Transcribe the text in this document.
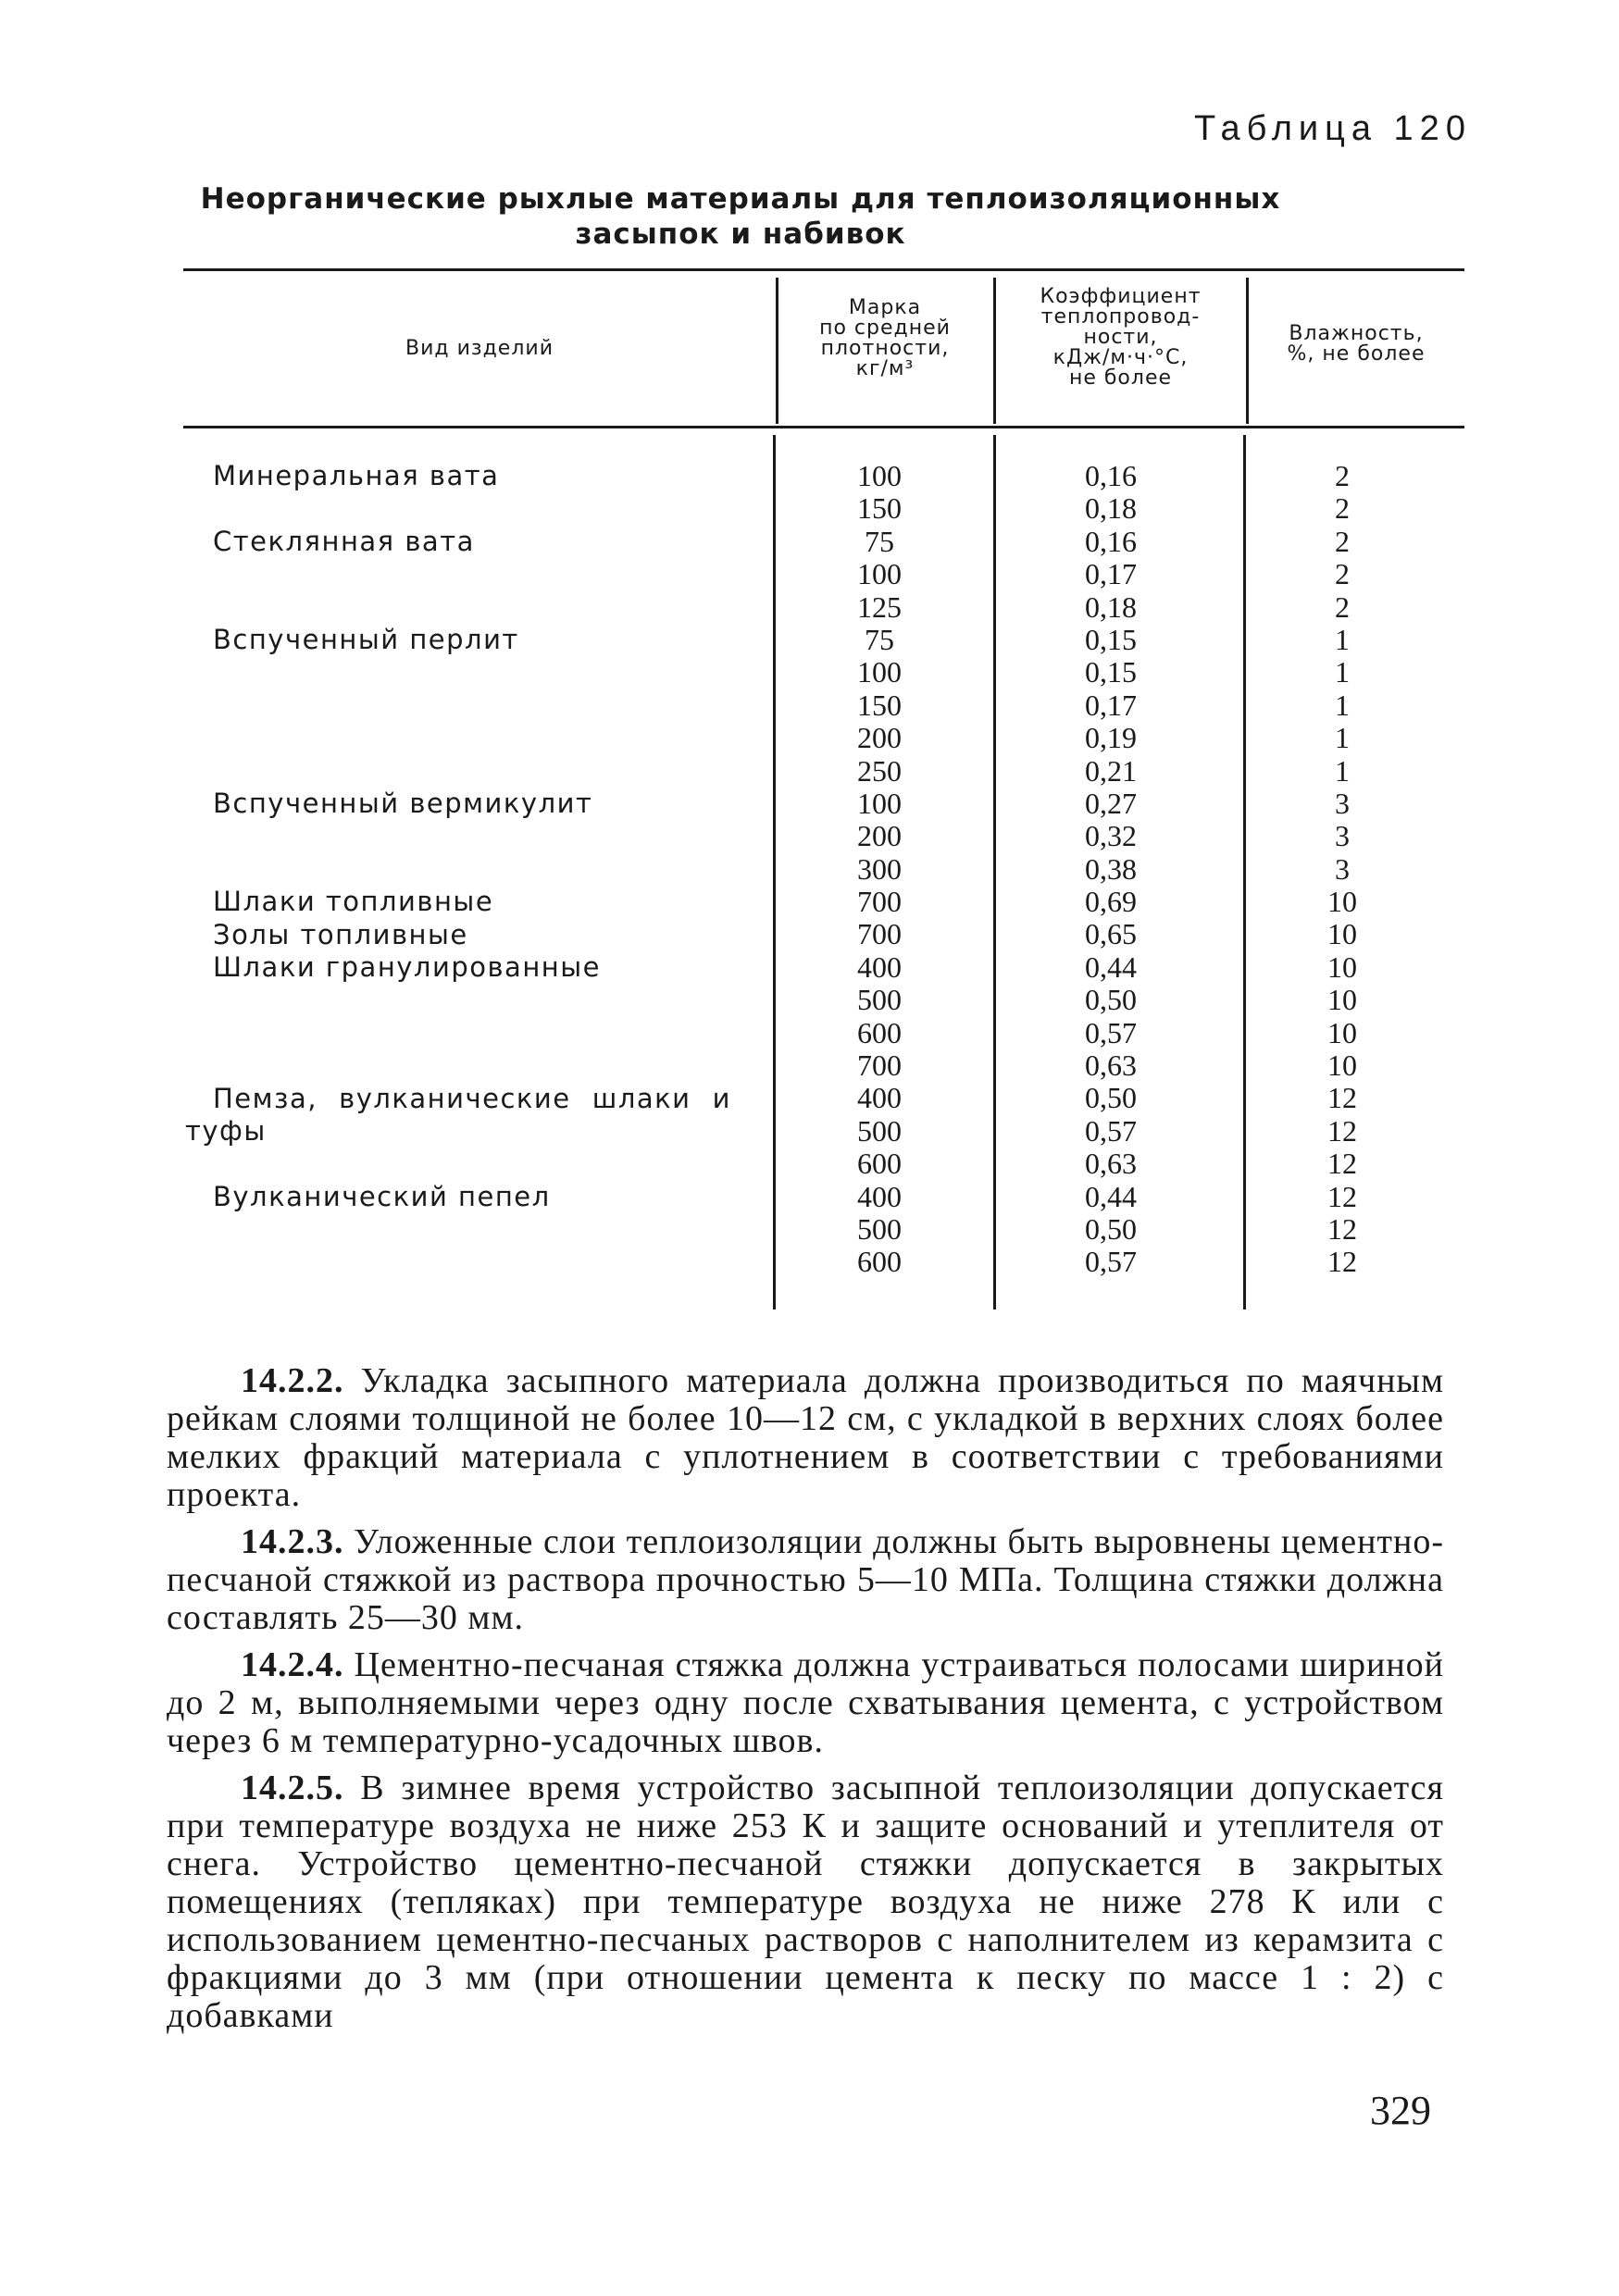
Таблица 120
Неорганические рыхлые материалы для теплоизоляционных засыпок и набивок
Вид изделий
Марка
по средней
плотности,
кг/м³
Коэффициент
теплопровод-
ности,
кДж/м·ч·°С,
не более
Влажность,
%, не более
Минеральная вата
Стеклянная вата
Вспученный перлит
Вспученный вермикулит
Шлаки топливные
Золы топливные
Шлаки гранулированные
Пемза, вулканические шлаки и туфы
Вулканический пепел
100
150
75
100
125
75
100
150
200
250
100
200
300
700
700
400
500
600
700
400
500
600
400
500
600
0,16
0,18
0,16
0,17
0,18
0,15
0,15
0,17
0,19
0,21
0,27
0,32
0,38
0,69
0,65
0,44
0,50
0,57
0,63
0,50
0,57
0,63
0,44
0,50
0,57
2
2
2
2
2
1
1
1
1
1
3
3
3
10
10
10
10
10
10
12
12
12
12
12
12

14.2.2. Укладка засыпного материала должна производиться по маячным рейкам слоями толщиной не более 10—12 см, с укладкой в верхних слоях более мелких фракций материала с уплотнением в соответствии с требованиями проекта.

14.2.3. Уложенные слои теплоизоляции должны быть выровнены цементно-песчаной стяжкой из раствора прочностью 5—10 МПа. Толщина стяжки должна составлять 25—30 мм.

14.2.4. Цементно-песчаная стяжка должна устраиваться полосами шириной до 2 м, выполняемыми через одну после схватывания цемента, с устройством через 6 м температурно-усадочных швов.

14.2.5. В зимнее время устройство засыпной теплоизоляции допускается при температуре воздуха не ниже 253 К и защите оснований и утеплителя от снега. Устройство цементно-песчаной стяжки допускается в закрытых помещениях (тепляках) при температуре воздуха не ниже 278 К или с использованием цементно-песчаных растворов с наполнителем из керамзита с фракциями до 3 мм (при отношении цемента к песку по массе 1 : 2) с добавками

329
